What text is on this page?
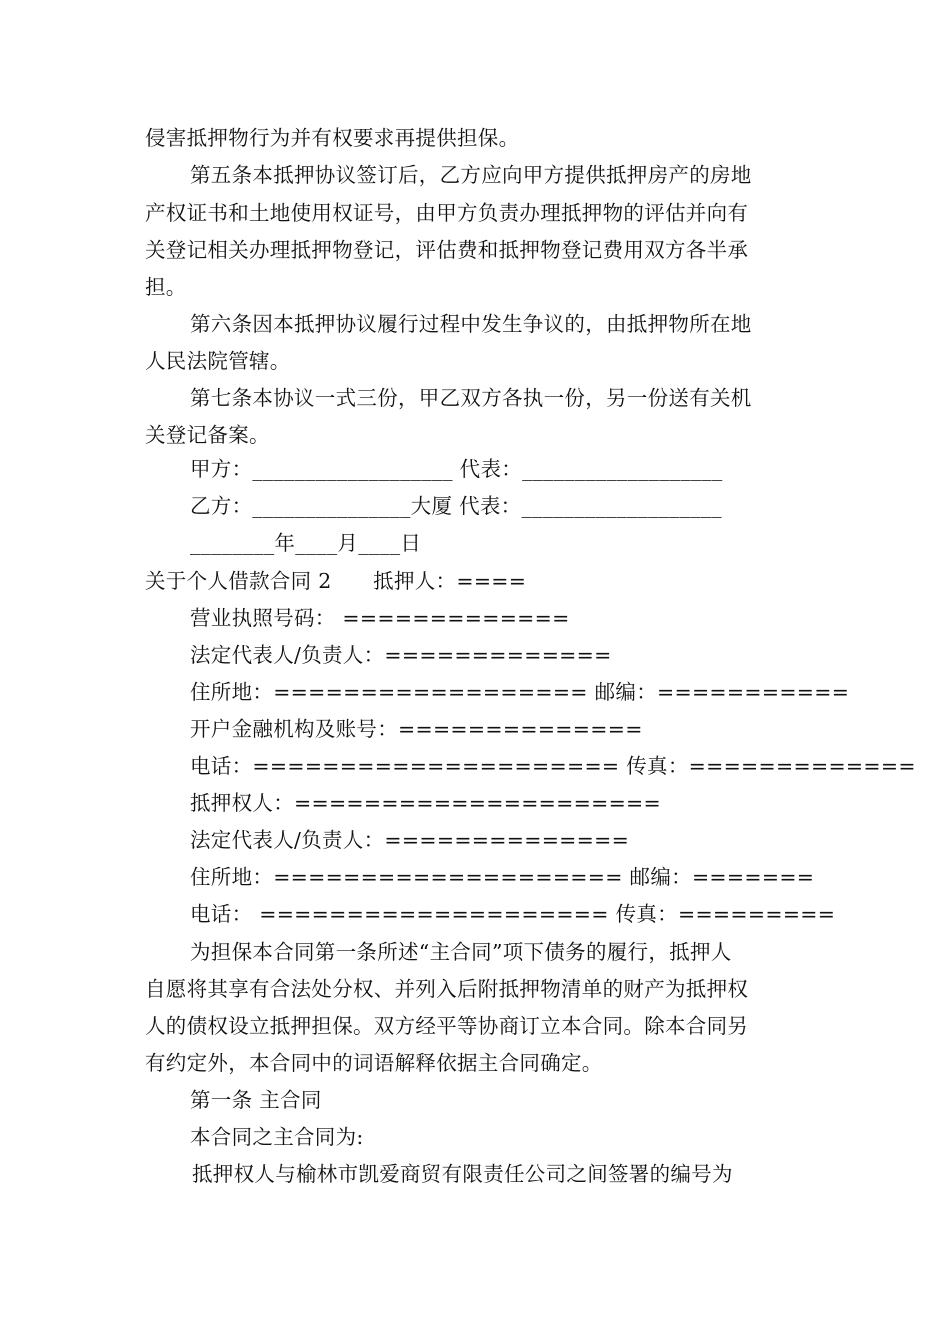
侵害抵押物行为并有权要求再提供担保。
第五条本抵押协议签订后，乙方应向甲方提供抵押房产的房地
产权证书和土地使用权证号，由甲方负责办理抵押物的评估并向有
关登记相关办理抵押物登记，评估费和抵押物登记费用双方各半承
担。
第六条因本抵押协议履行过程中发生争议的，由抵押物所在地
人民法院管辖。
第七条本协议一式三份，甲乙双方各执一份，另一份送有关机
关登记备案。
甲方：___________________ 代表：___________________
乙方：_______________大厦 代表：___________________
________年____月____日
关于个人借款合同 2　　抵押人：====
营业执照号码： =============
法定代表人/负责人：=============
住所地：================== 邮编：===========
开户金融机构及账号：==============
电话：===================== 传真：=============
抵押权人：=====================
法定代表人/负责人：==============
住所地：==================== 邮编：=======
电话： ==================== 传真：=========
为担保本合同第一条所述“主合同”项下债务的履行，抵押人
自愿将其享有合法处分权、并列入后附抵押物清单的财产为抵押权
人的债权设立抵押担保。双方经平等协商订立本合同。除本合同另
有约定外，本合同中的词语解释依据主合同确定。
第一条 主合同
本合同之主合同为:
抵押权人与榆林市凯爱商贸有限责任公司之间签署的编号为
